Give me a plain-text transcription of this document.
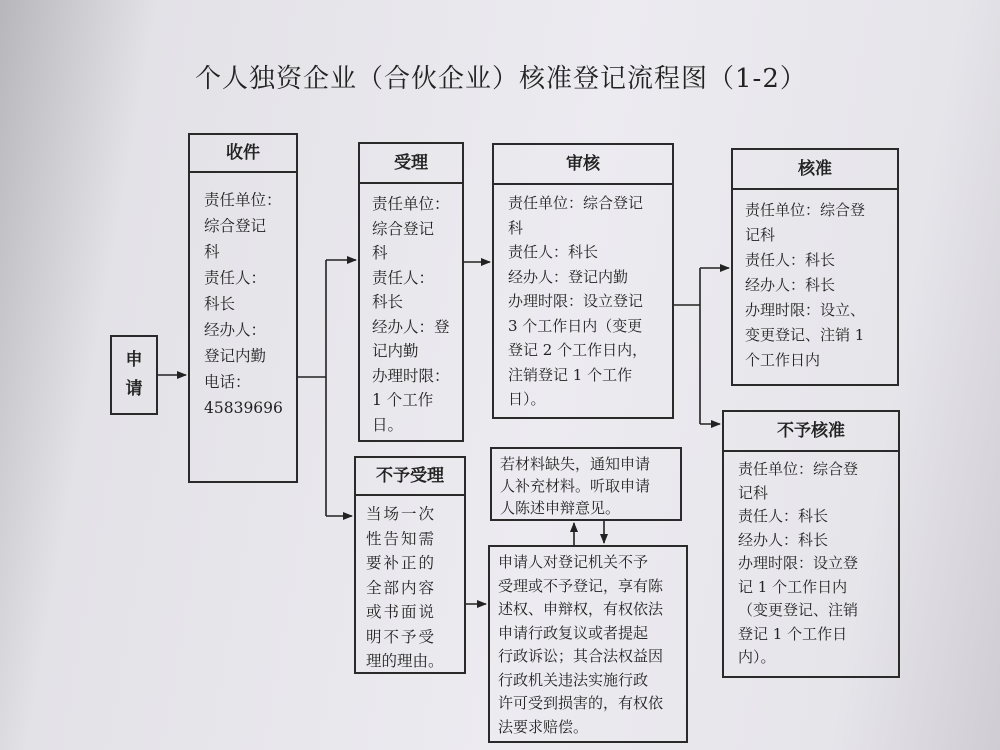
个人独资企业（合伙企业）核准登记流程图（1-2）
申
请
收件
责任单位：
综合登记
科
责任人：
科长
经办人：
登记内勤
电话：
45839696
受理
责任单位：
综合登记
科
责任人：
科长
经办人：登
记内勤
办理时限：
1 个工作
日。
不予受理
当场一次
性告知需
要补正的
全部内容
或书面说
明不予受
理的理由。
审核
责任单位：综合登记
科
责任人：科长
经办人：登记内勤
办理时限：设立登记
3 个工作日内（变更
登记 2 个工作日内，
注销登记 1 个工作
日）。
若材料缺失，通知申请
人补充材料。听取申请
人陈述申辩意见。
申请人对登记机关不予
受理或不予登记，享有陈
述权、申辩权，有权依法
申请行政复议或者提起
行政诉讼；其合法权益因
行政机关违法实施行政
许可受到损害的，有权依
法要求赔偿。
核准
责任单位：综合登
记科
责任人：科长
经办人：科长
办理时限：设立、
变更登记、注销 1
个工作日内
不予核准
责任单位：综合登
记科
责任人：科长
经办人：科长
办理时限：设立登
记 1 个工作日内
（变更登记、注销
登记 1 个工作日
内）。
